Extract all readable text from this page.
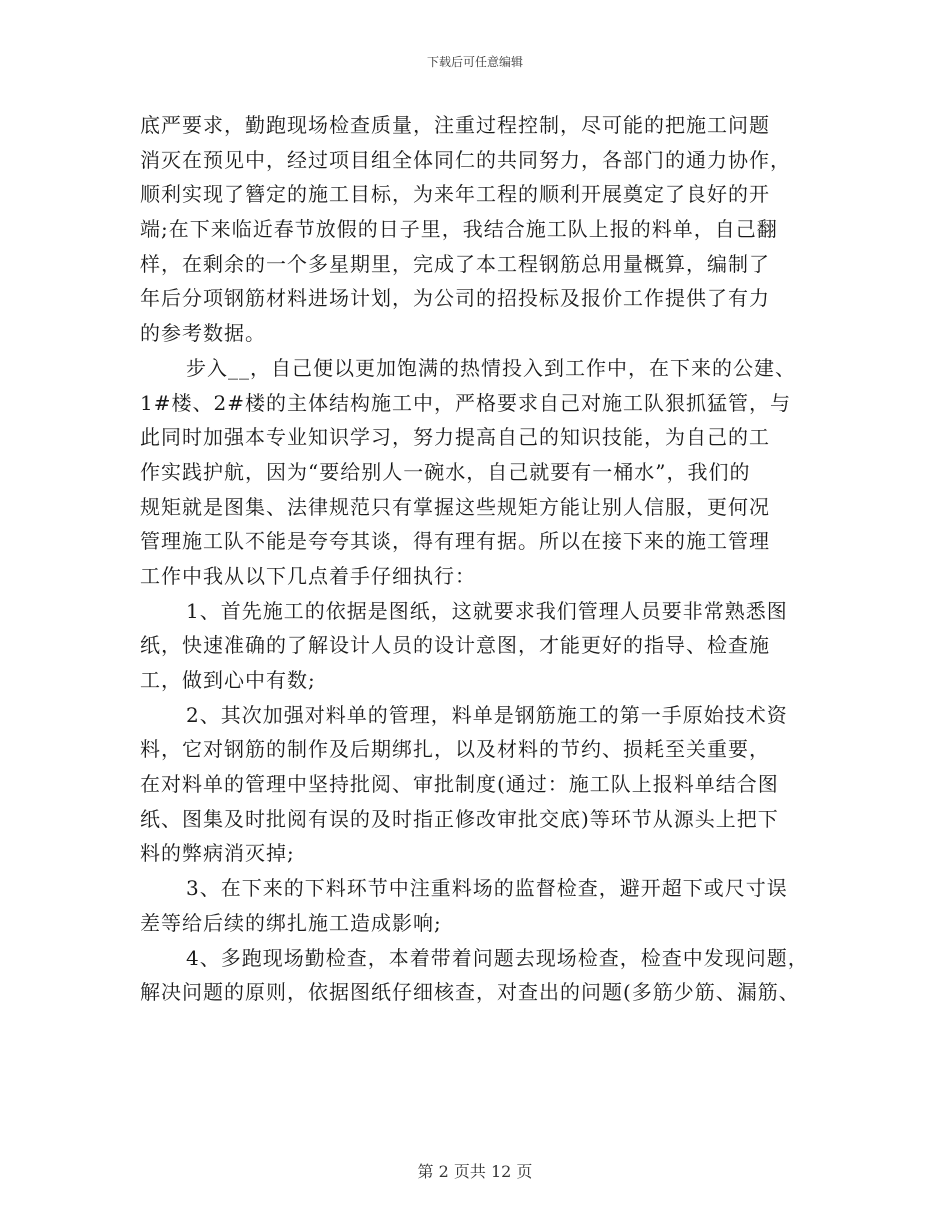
下载后可任意编辑
底严要求，勤跑现场检查质量，注重过程控制，尽可能的把施工问题
消灭在预见中，经过项目组全体同仁的共同努力，各部门的通力协作，
顺利实现了簪定的施工目标，为来年工程的顺利开展奠定了良好的开
端;在下来临近春节放假的日子里，我结合施工队上报的料单，自己翻
样，在剩余的一个多星期里，完成了本工程钢筋总用量概算，编制了
年后分项钢筋材料进场计划，为公司的招投标及报价工作提供了有力
的参考数据。
步入__，自己便以更加饱满的热情投入到工作中，在下来的公建、
1#楼、2#楼的主体结构施工中，严格要求自己对施工队狠抓猛管，与
此同时加强本专业知识学习，努力提高自己的知识技能，为自己的工
作实践护航，因为“要给别人一碗水，自己就要有一桶水”，我们的
规矩就是图集、法律规范只有掌握这些规矩方能让别人信服，更何况
管理施工队不能是夸夸其谈，得有理有据。所以在接下来的施工管理
工作中我从以下几点着手仔细执行：
1、首先施工的依据是图纸，这就要求我们管理人员要非常熟悉图
纸，快速准确的了解设计人员的设计意图，才能更好的指导、检查施
工，做到心中有数;
2、其次加强对料单的管理，料单是钢筋施工的第一手原始技术资
料，它对钢筋的制作及后期绑扎，以及材料的节约、损耗至关重要，
在对料单的管理中坚持批阅、审批制度(通过：施工队上报料单结合图
纸、图集及时批阅有误的及时指正修改审批交底)等环节从源头上把下
料的弊病消灭掉;
3、在下来的下料环节中注重料场的监督检查，避开超下或尺寸误
差等给后续的绑扎施工造成影响;
4、多跑现场勤检查，本着带着问题去现场检查，检查中发现问题，
解决问题的原则，依据图纸仔细核查，对查出的问题(多筋少筋、漏筋、
第 2 页共 12 页
